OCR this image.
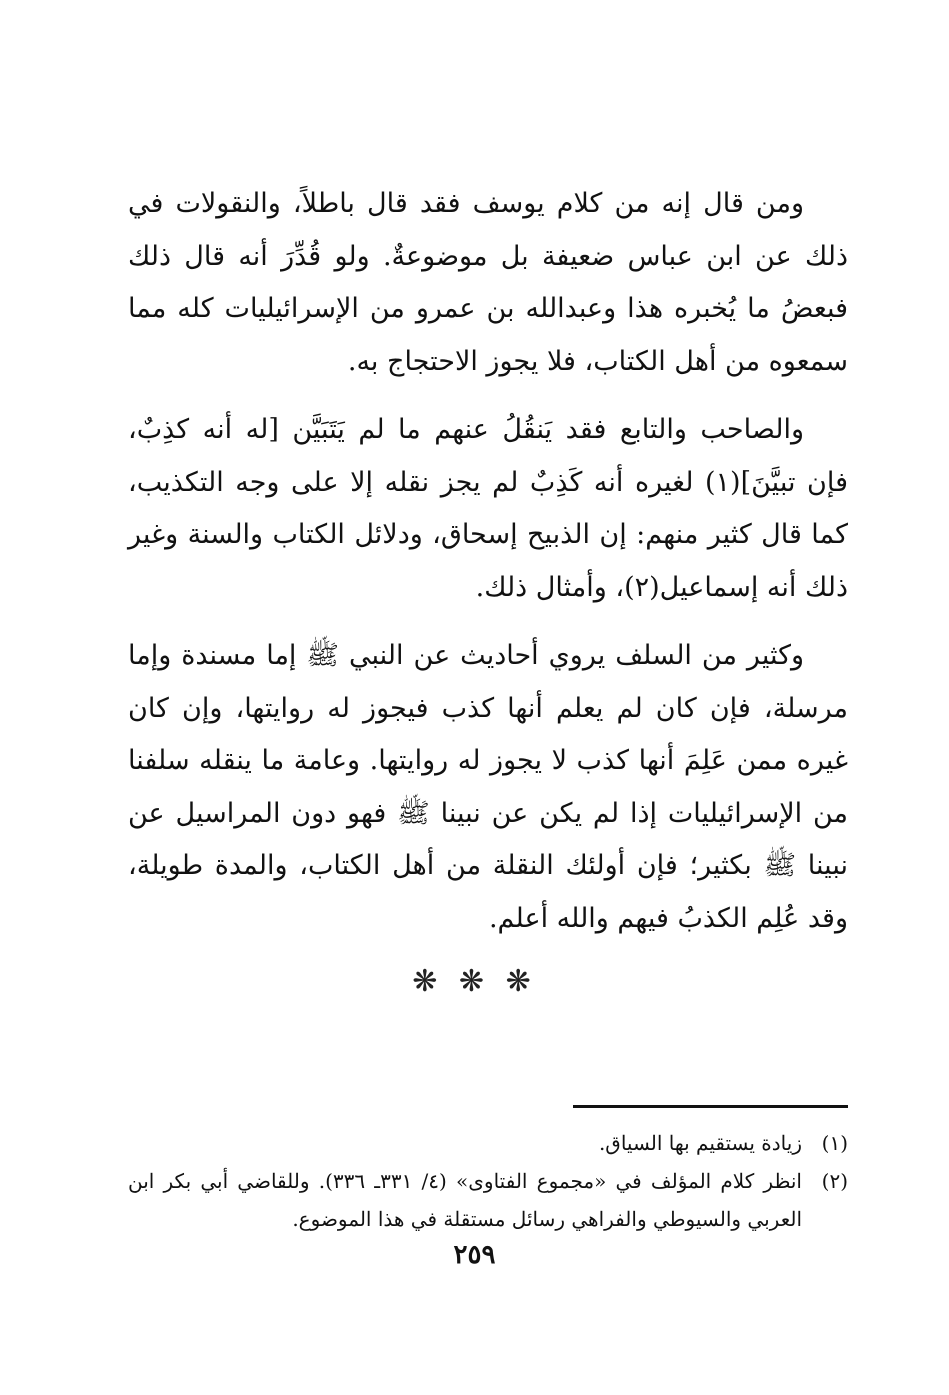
ومن قال إنه من كلام يوسف فقد قال باطلاً، والنقولات في ذلك عن ابن عباس ضعيفة بل موضوعةٌ. ولو قُدِّرَ أنه قال ذلك فبعضُ ما يُخبره هذا وعبدالله بن عمرو من الإسرائيليات كله مما سمعوه من أهل الكتاب، فلا يجوز الاحتجاج به.

والصاحب والتابع فقد يَنقُلُ عنهم ما لم يَتَبَيَّن [له أنه كذِبٌ، فإن تبيَّنَ](١) لغيره أنه كَذِبٌ لم يجز نقله إلا على وجه التكذيب، كما قال كثير منهم: إن الذبيح إسحاق، ودلائل الكتاب والسنة وغير ذلك أنه إسماعيل(٢)، وأمثال ذلك.

وكثير من السلف يروي أحاديث عن النبي ﷺ إما مسندة وإما مرسلة، فإن كان لم يعلم أنها كذب فيجوز له روايتها، وإن كان غيره ممن عَلِمَ أنها كذب لا يجوز له روايتها. وعامة ما ينقله سلفنا من الإسرائيليات إذا لم يكن عن نبينا ﷺ فهو دون المراسيل عن نبينا ﷺ بكثير؛ فإن أولئك النقلة من أهل الكتاب، والمدة طويلة، وقد عُلِم الكذبُ فيهم والله أعلم.

❋ ❋ ❋
(١)
زيادة يستقيم بها السياق.
(٢)
انظر كلام المؤلف في «مجموع الفتاوى» (٤/ ٣٣١ـ ٣٣٦). وللقاضي أبي بكر ابن العربي والسيوطي والفراهي رسائل مستقلة في هذا الموضوع.
٢٥٩
